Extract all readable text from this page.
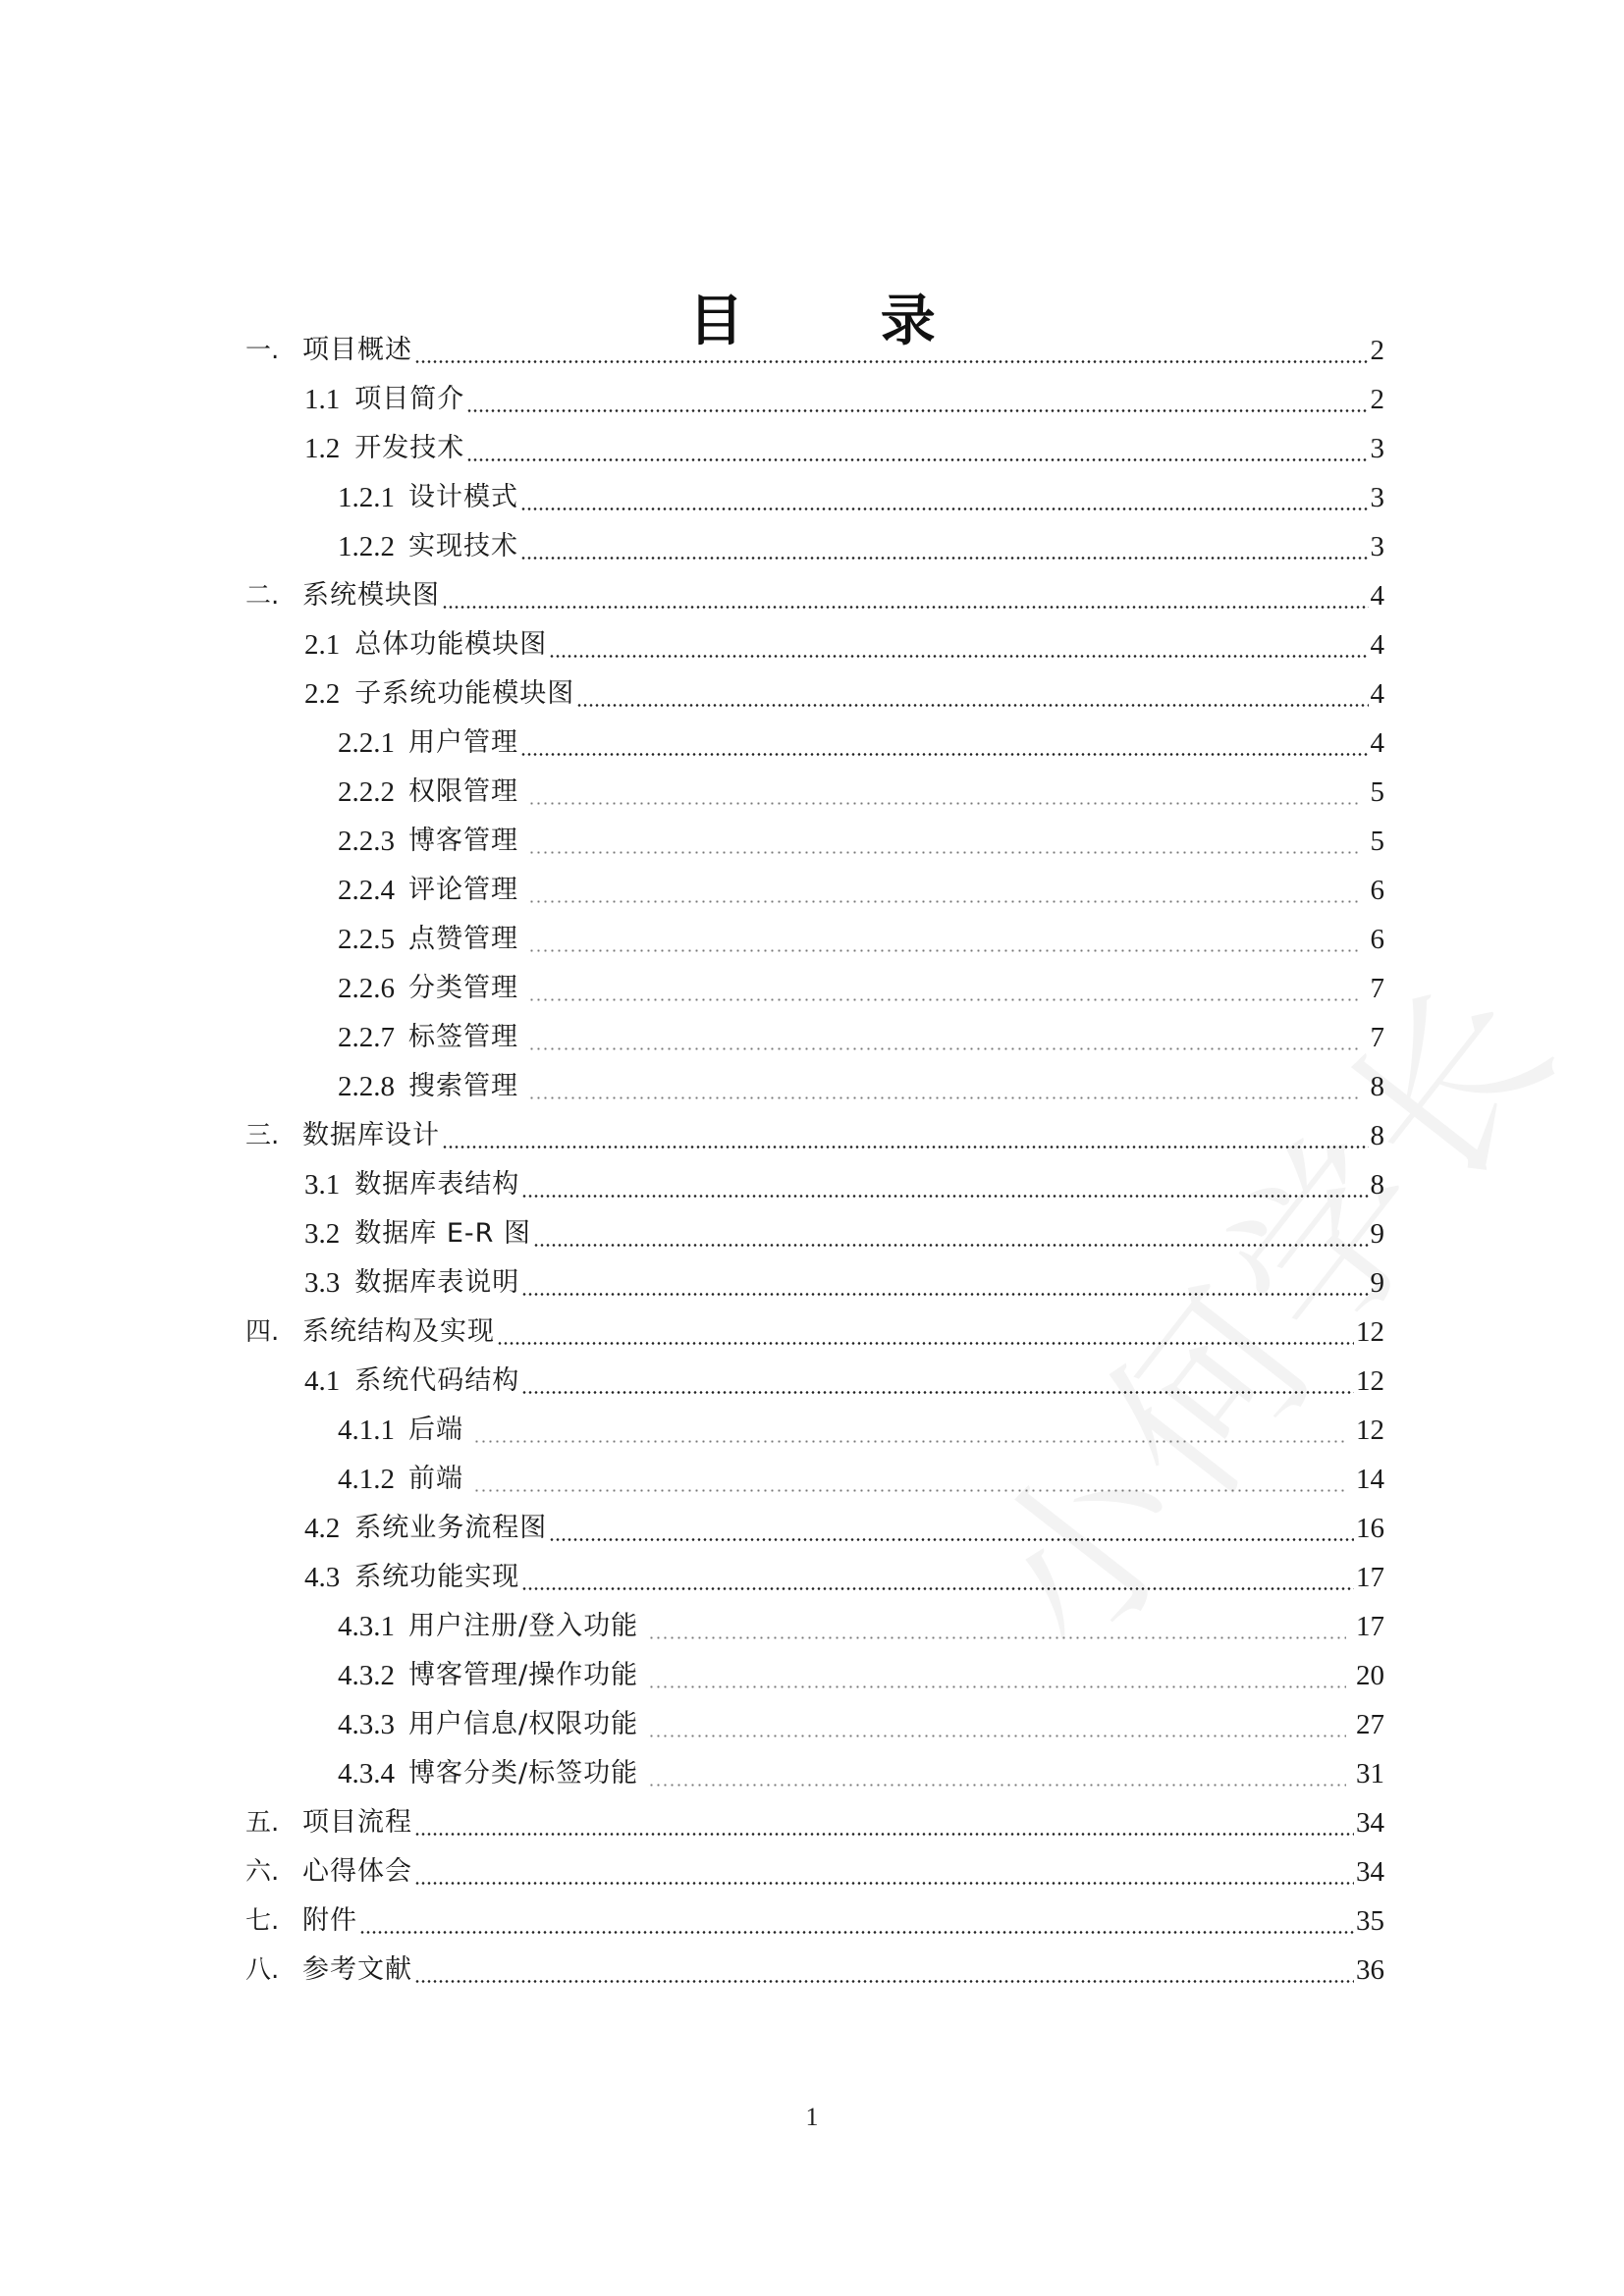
目 录
一. 项目概述	2
1.1 项目简介	2
1.2 开发技术	3
1.2.1 设计模式	3
1.2.2 实现技术	3
二. 系统模块图	4
2.1 总体功能模块图	4
2.2 子系统功能模块图	4
2.2.1 用户管理	4
2.2.2 权限管理	5
2.2.3 博客管理	5
2.2.4 评论管理	6
2.2.5 点赞管理	6
2.2.6 分类管理	7
2.2.7 标签管理	7
2.2.8 搜索管理	8
三. 数据库设计	8
3.1 数据库表结构	8
3.2 数据库 E-R 图	9
3.3 数据库表说明	9
四. 系统结构及实现	12
4.1 系统代码结构	12
4.1.1 后端	12
4.1.2 前端	14
4.2 系统业务流程图	16
4.3 系统功能实现	17
4.3.1 用户注册/登入功能	17
4.3.2 博客管理/操作功能	20
4.3.3 用户信息/权限功能	27
4.3.4 博客分类/标签功能	31
五. 项目流程	34
六. 心得体会	34
七. 附件	35
八. 参考文献	36
1
